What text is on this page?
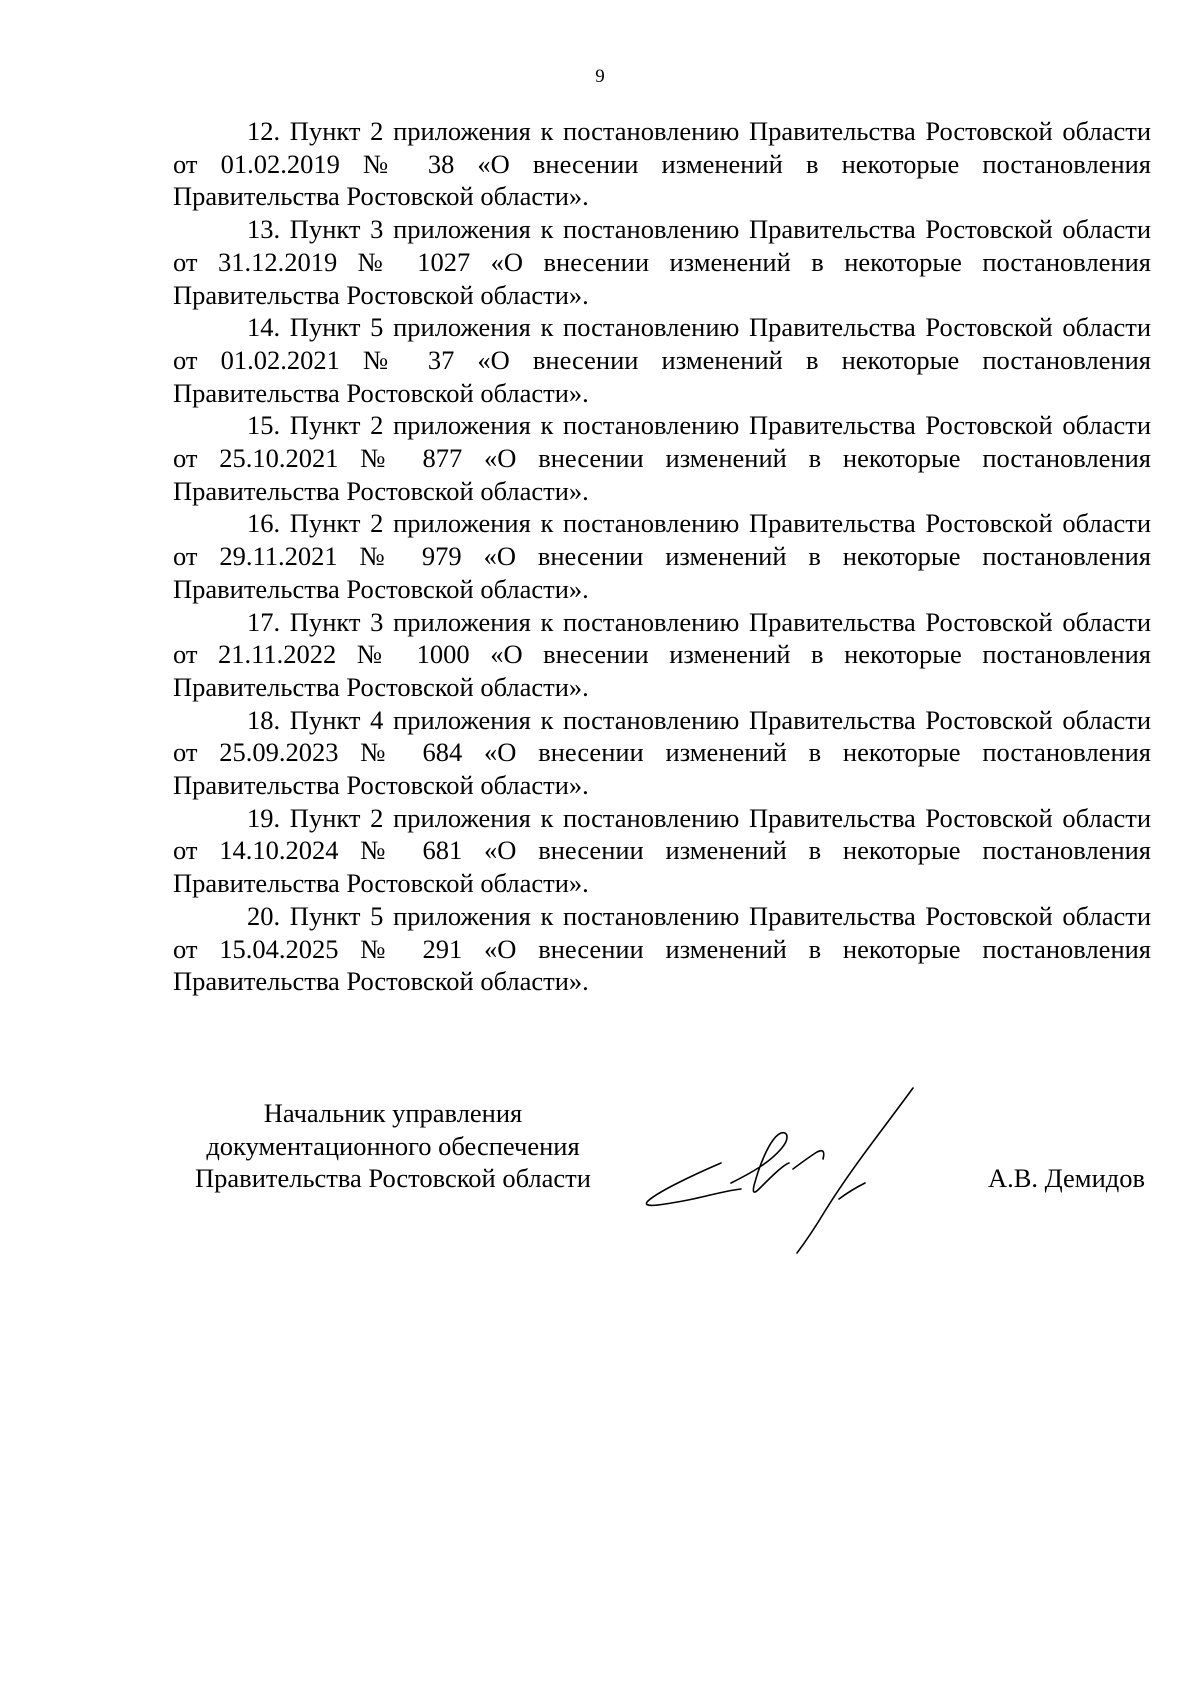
9

12. Пункт 2 приложения к постановлению Правительства Ростовской области от 01.02.2019 № 38 «О внесении изменений в некоторые постановления Правительства Ростовской области».

13. Пункт 3 приложения к постановлению Правительства Ростовской области от 31.12.2019 № 1027 «О внесении изменений в некоторые постановления Правительства Ростовской области».

14. Пункт 5 приложения к постановлению Правительства Ростовской области от 01.02.2021 № 37 «О внесении изменений в некоторые постановления Правительства Ростовской области».

15. Пункт 2 приложения к постановлению Правительства Ростовской области от 25.10.2021 № 877 «О внесении изменений в некоторые постановления Правительства Ростовской области».

16. Пункт 2 приложения к постановлению Правительства Ростовской области от 29.11.2021 № 979 «О внесении изменений в некоторые постановления Правительства Ростовской области».

17. Пункт 3 приложения к постановлению Правительства Ростовской области от 21.11.2022 № 1000 «О внесении изменений в некоторые постановления Правительства Ростовской области».

18. Пункт 4 приложения к постановлению Правительства Ростовской области от 25.09.2023 № 684 «О внесении изменений в некоторые постановления Правительства Ростовской области».

19. Пункт 2 приложения к постановлению Правительства Ростовской области от 14.10.2024 № 681 «О внесении изменений в некоторые постановления Правительства Ростовской области».

20. Пункт 5 приложения к постановлению Правительства Ростовской области от 15.04.2025 № 291 «О внесении изменений в некоторые постановления Правительства Ростовской области».

Начальник управления
документационного обеспечения
Правительства Ростовской области	А.В. Демидов
